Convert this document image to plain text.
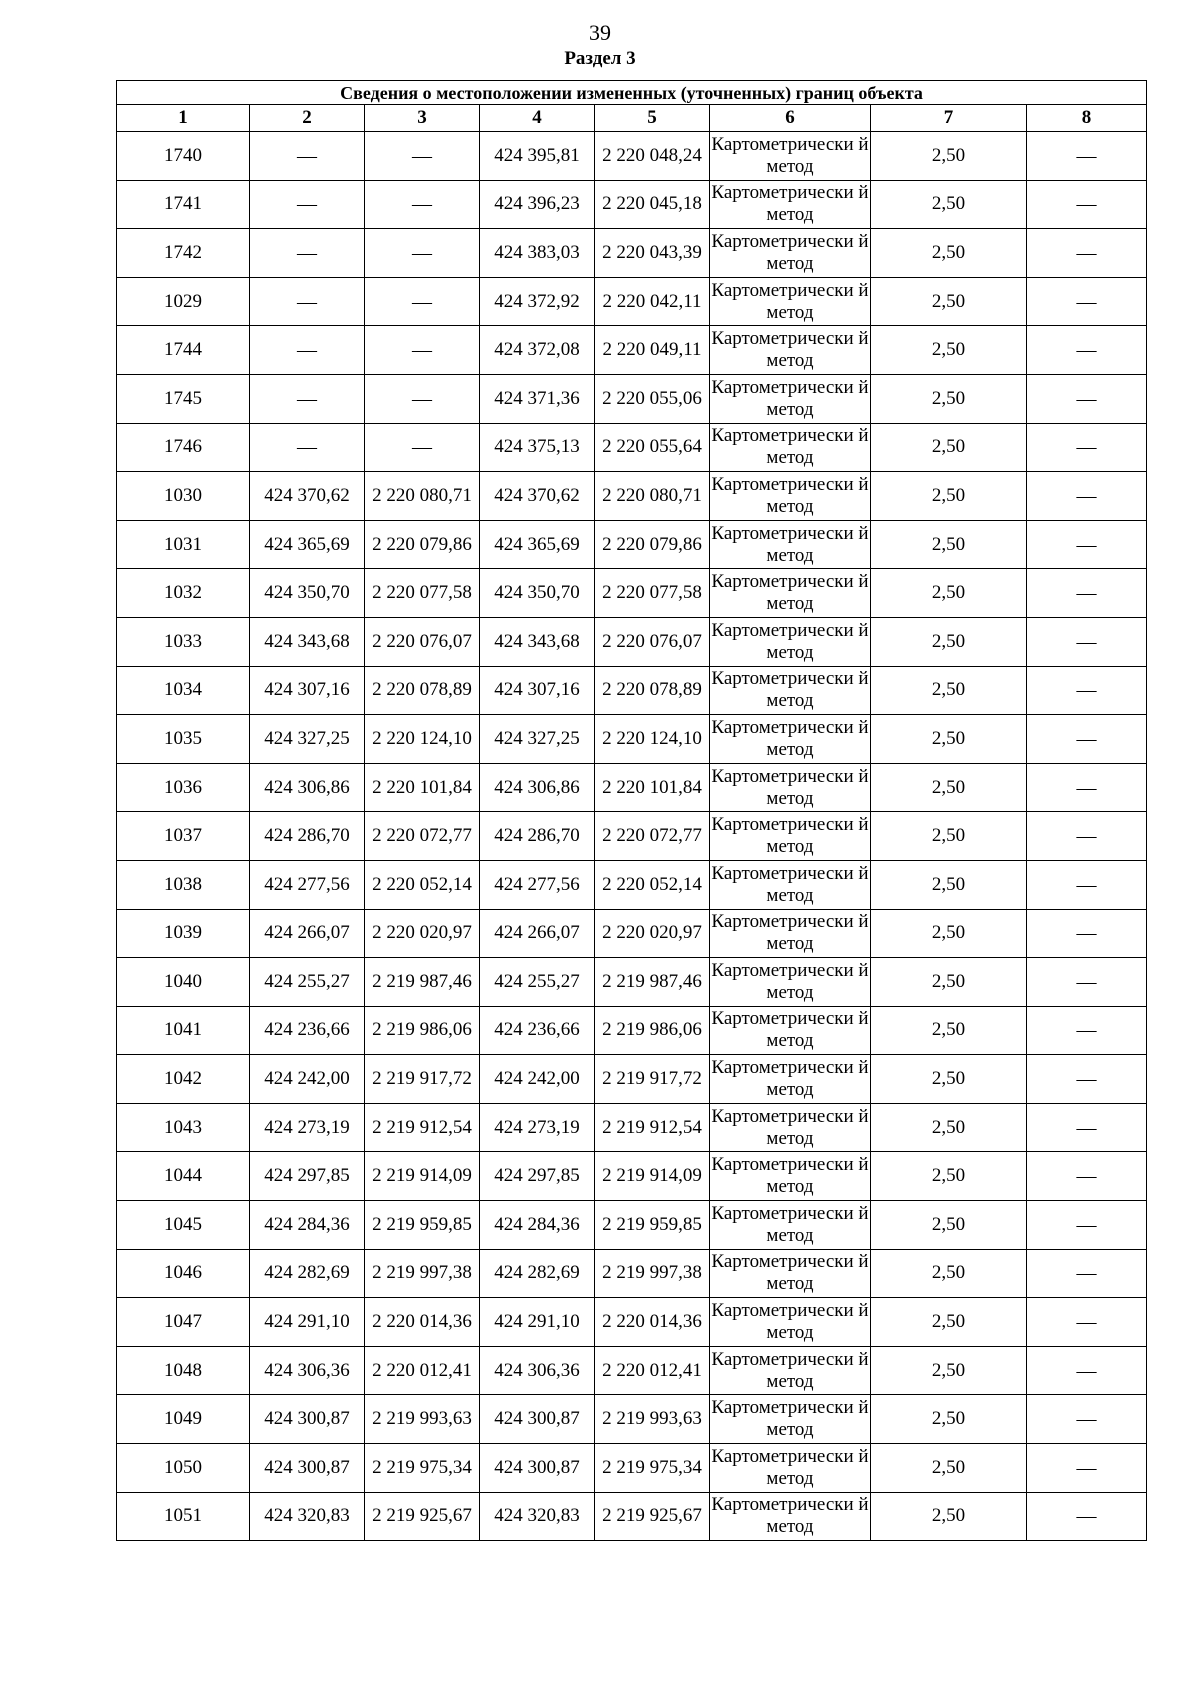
39
Раздел 3
Сведения о местоположении измененных (уточненных) границ объекта							
1	2	3	4	5	6	7	8
1740	—	—	424 395,81	2 220 048,24	Картометрически й метод	2,50	—
1741	—	—	424 396,23	2 220 045,18	Картометрически й метод	2,50	—
1742	—	—	424 383,03	2 220 043,39	Картометрически й метод	2,50	—
1029	—	—	424 372,92	2 220 042,11	Картометрически й метод	2,50	—
1744	—	—	424 372,08	2 220 049,11	Картометрически й метод	2,50	—
1745	—	—	424 371,36	2 220 055,06	Картометрически й метод	2,50	—
1746	—	—	424 375,13	2 220 055,64	Картометрически й метод	2,50	—
1030	424 370,62	2 220 080,71	424 370,62	2 220 080,71	Картометрически й метод	2,50	—
1031	424 365,69	2 220 079,86	424 365,69	2 220 079,86	Картометрически й метод	2,50	—
1032	424 350,70	2 220 077,58	424 350,70	2 220 077,58	Картометрически й метод	2,50	—
1033	424 343,68	2 220 076,07	424 343,68	2 220 076,07	Картометрически й метод	2,50	—
1034	424 307,16	2 220 078,89	424 307,16	2 220 078,89	Картометрически й метод	2,50	—
1035	424 327,25	2 220 124,10	424 327,25	2 220 124,10	Картометрически й метод	2,50	—
1036	424 306,86	2 220 101,84	424 306,86	2 220 101,84	Картометрически й метод	2,50	—
1037	424 286,70	2 220 072,77	424 286,70	2 220 072,77	Картометрически й метод	2,50	—
1038	424 277,56	2 220 052,14	424 277,56	2 220 052,14	Картометрически й метод	2,50	—
1039	424 266,07	2 220 020,97	424 266,07	2 220 020,97	Картометрически й метод	2,50	—
1040	424 255,27	2 219 987,46	424 255,27	2 219 987,46	Картометрически й метод	2,50	—
1041	424 236,66	2 219 986,06	424 236,66	2 219 986,06	Картометрически й метод	2,50	—
1042	424 242,00	2 219 917,72	424 242,00	2 219 917,72	Картометрически й метод	2,50	—
1043	424 273,19	2 219 912,54	424 273,19	2 219 912,54	Картометрически й метод	2,50	—
1044	424 297,85	2 219 914,09	424 297,85	2 219 914,09	Картометрически й метод	2,50	—
1045	424 284,36	2 219 959,85	424 284,36	2 219 959,85	Картометрически й метод	2,50	—
1046	424 282,69	2 219 997,38	424 282,69	2 219 997,38	Картометрически й метод	2,50	—
1047	424 291,10	2 220 014,36	424 291,10	2 220 014,36	Картометрически й метод	2,50	—
1048	424 306,36	2 220 012,41	424 306,36	2 220 012,41	Картометрически й метод	2,50	—
1049	424 300,87	2 219 993,63	424 300,87	2 219 993,63	Картометрически й метод	2,50	—
1050	424 300,87	2 219 975,34	424 300,87	2 219 975,34	Картометрически й метод	2,50	—
1051	424 320,83	2 219 925,67	424 320,83	2 219 925,67	Картометрически й метод	2,50	—
